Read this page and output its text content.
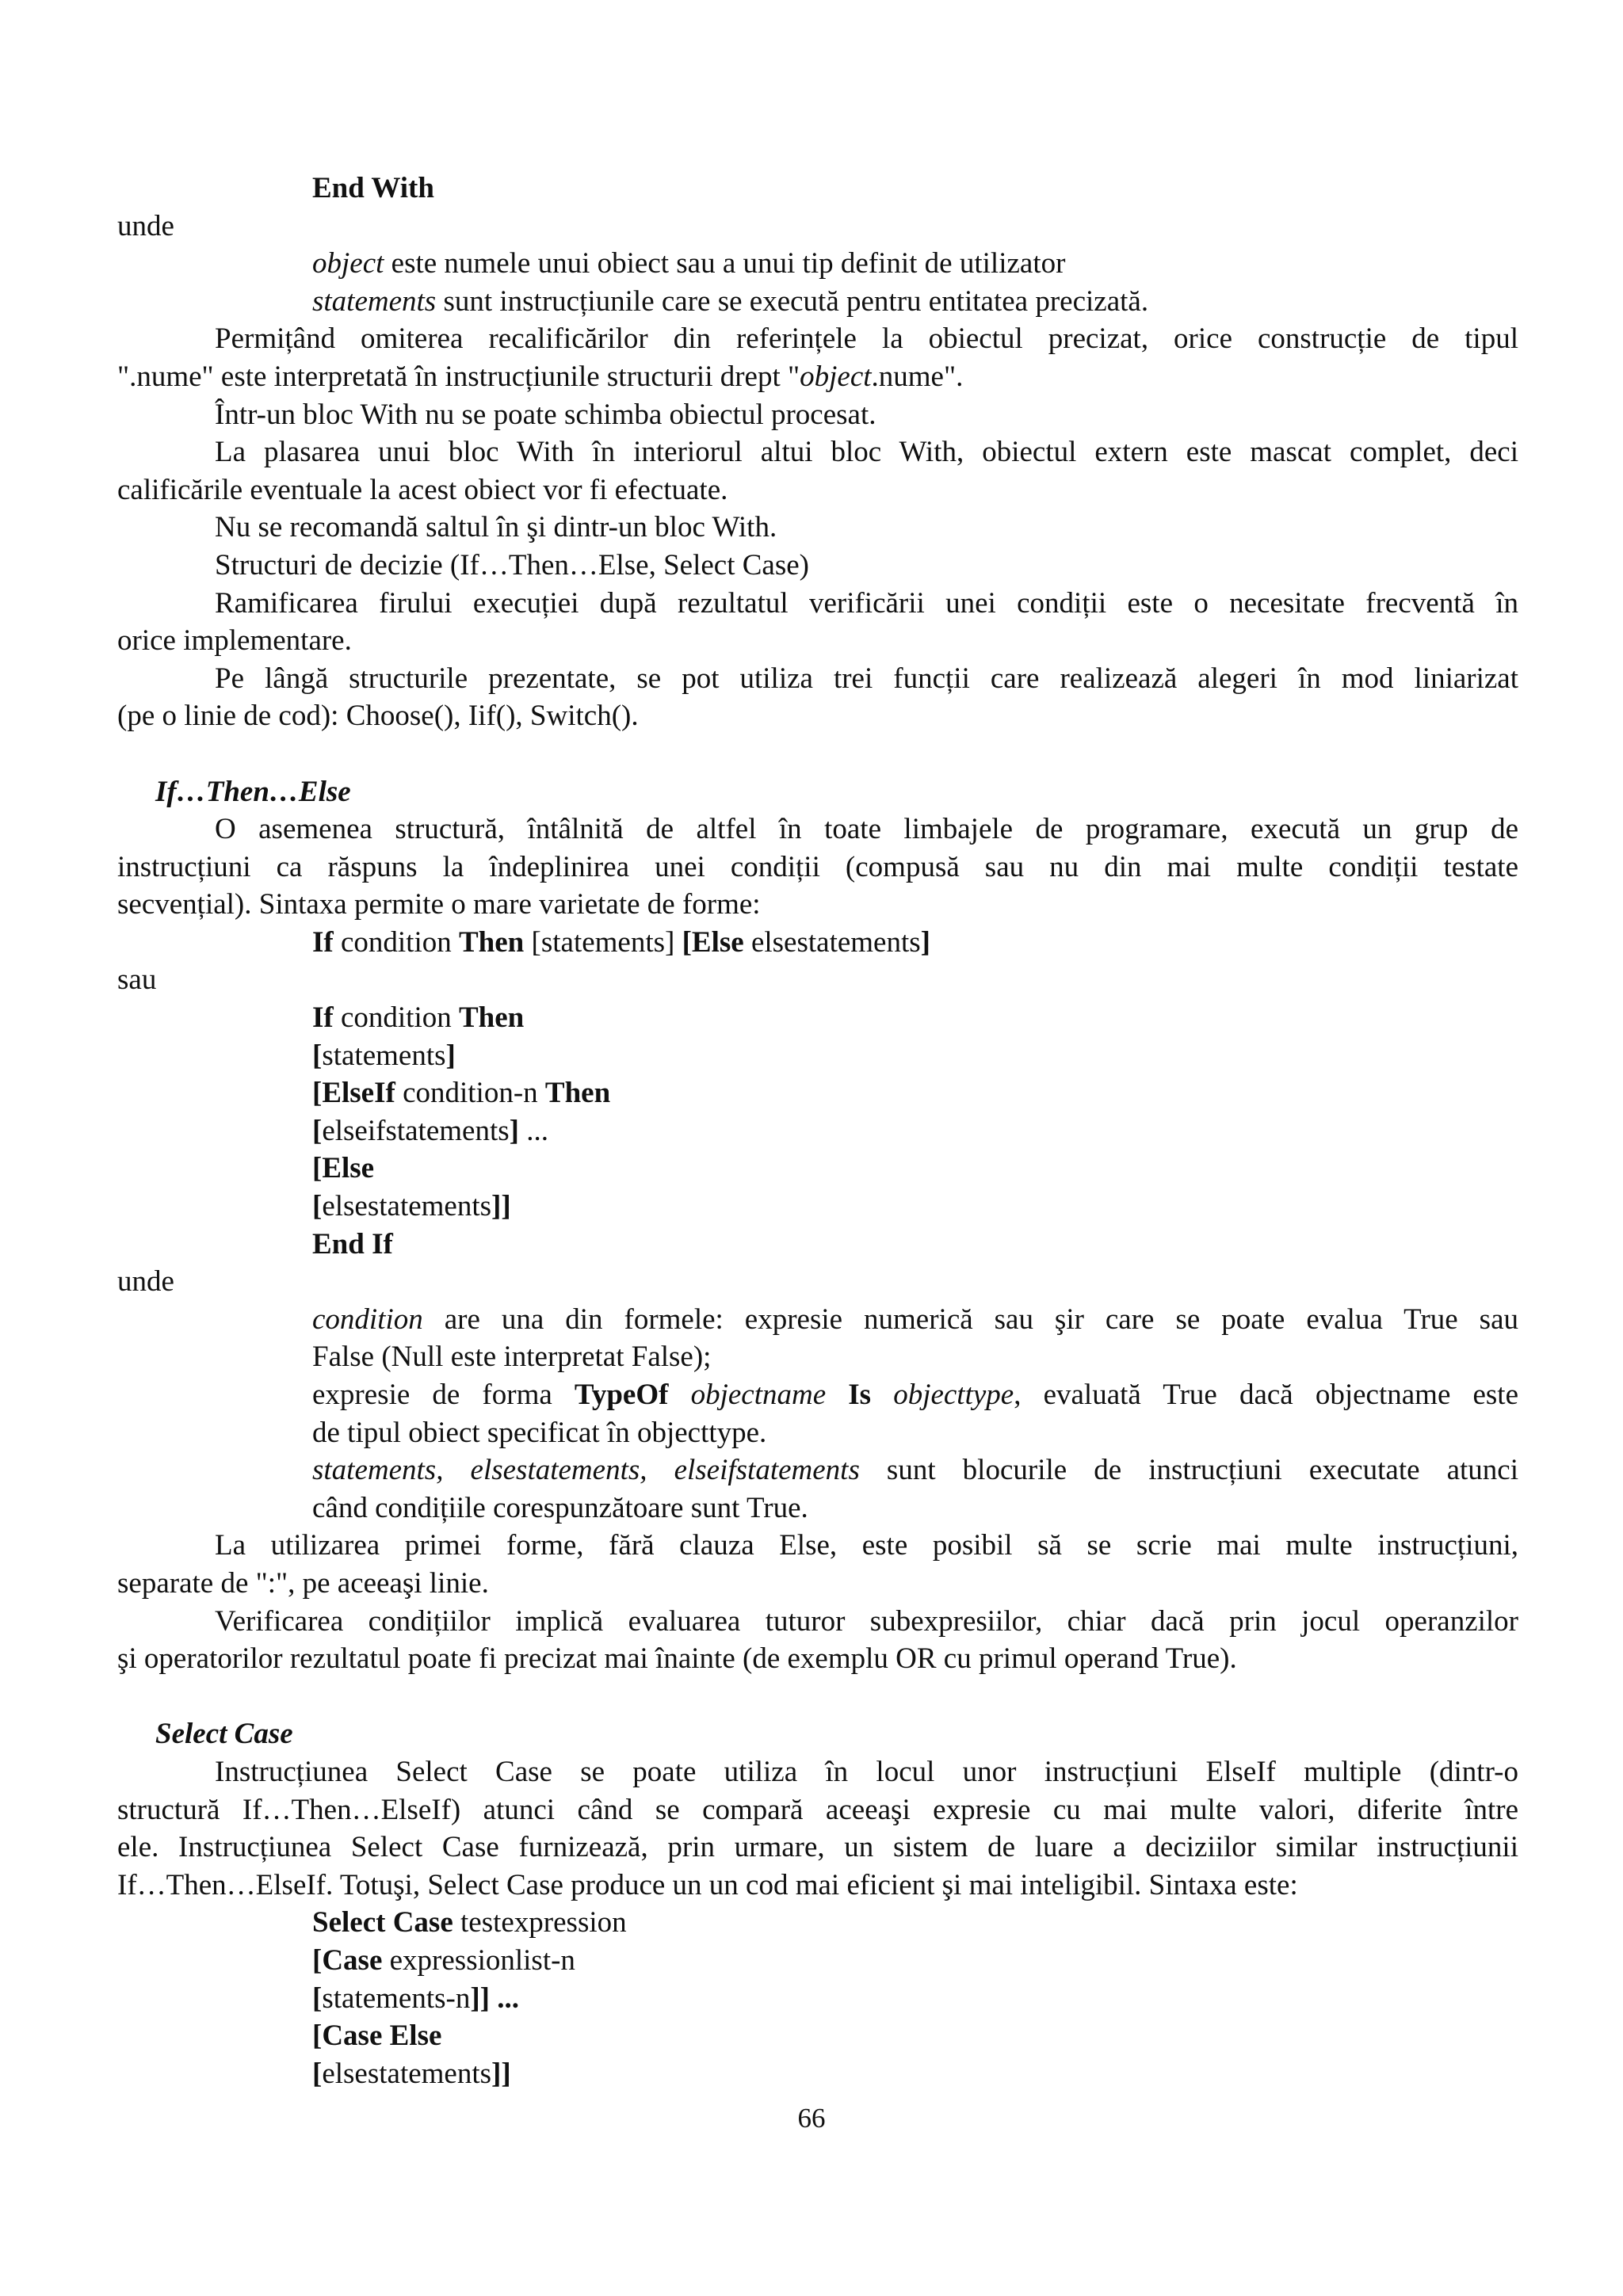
End With
unde
object este numele unui obiect sau a unui tip definit de utilizator
statements sunt instrucțiunile care se execută pentru entitatea precizată.
Permițând omiterea recalificărilor din referințele la obiectul precizat, orice construcție de tipul
".nume" este interpretată în instrucțiunile structurii drept "object.nume".
Într-un bloc With nu se poate schimba obiectul procesat.
La plasarea unui bloc With în interiorul altui bloc With, obiectul extern este mascat complet, deci
calificările eventuale la acest obiect vor fi efectuate.
Nu se recomandă saltul în şi dintr-un bloc With.
Structuri de decizie (If…Then…Else, Select Case)
Ramificarea firului execuției după rezultatul verificării unei condiții este o necesitate frecventă în
orice implementare.
Pe lângă structurile prezentate, se pot utiliza trei funcții care realizează alegeri în mod liniarizat
(pe o linie de cod): Choose(), Iif(), Switch().
If…Then…Else
O asemenea structură, întâlnită de altfel în toate limbajele de programare, execută un grup de
instrucțiuni ca răspuns la îndeplinirea unei condiții (compusă sau nu din mai multe condiții testate
secvențial). Sintaxa permite o mare varietate de forme:
If condition Then [statements] [Else elsestatements]
sau
If condition Then
[statements]
[ElseIf condition-n Then
[elseifstatements] ...
[Else
[elsestatements]]
End If
unde
condition are una din formele: expresie numerică sau şir care se poate evalua True sau
False (Null este interpretat False);
expresie de forma TypeOf objectname Is objecttype, evaluată True dacă objectname este
de tipul obiect specificat în objecttype.
statements, elsestatements, elseifstatements sunt blocurile de instrucțiuni executate atunci
când condițiile corespunzătoare sunt True.
La utilizarea primei forme, fără clauza Else, este posibil să se scrie mai multe instrucțiuni,
separate de ":", pe aceeaşi linie.
Verificarea condițiilor implică evaluarea tuturor subexpresiilor, chiar dacă prin jocul operanzilor
şi operatorilor rezultatul poate fi precizat mai înainte (de exemplu OR cu primul operand True).
Select Case
Instrucțiunea Select Case se poate utiliza în locul unor instrucțiuni ElseIf multiple (dintr-o
structură If…Then…ElseIf) atunci când se compară aceeaşi expresie cu mai multe valori, diferite între
ele. Instrucțiunea Select Case furnizează, prin urmare, un sistem de luare a deciziilor similar instrucțiunii
If…Then…ElseIf. Totuşi, Select Case produce un un cod mai eficient şi mai inteligibil. Sintaxa este:
Select Case testexpression
[Case expressionlist-n
[statements-n]] ...
[Case Else
[elsestatements]]
66
